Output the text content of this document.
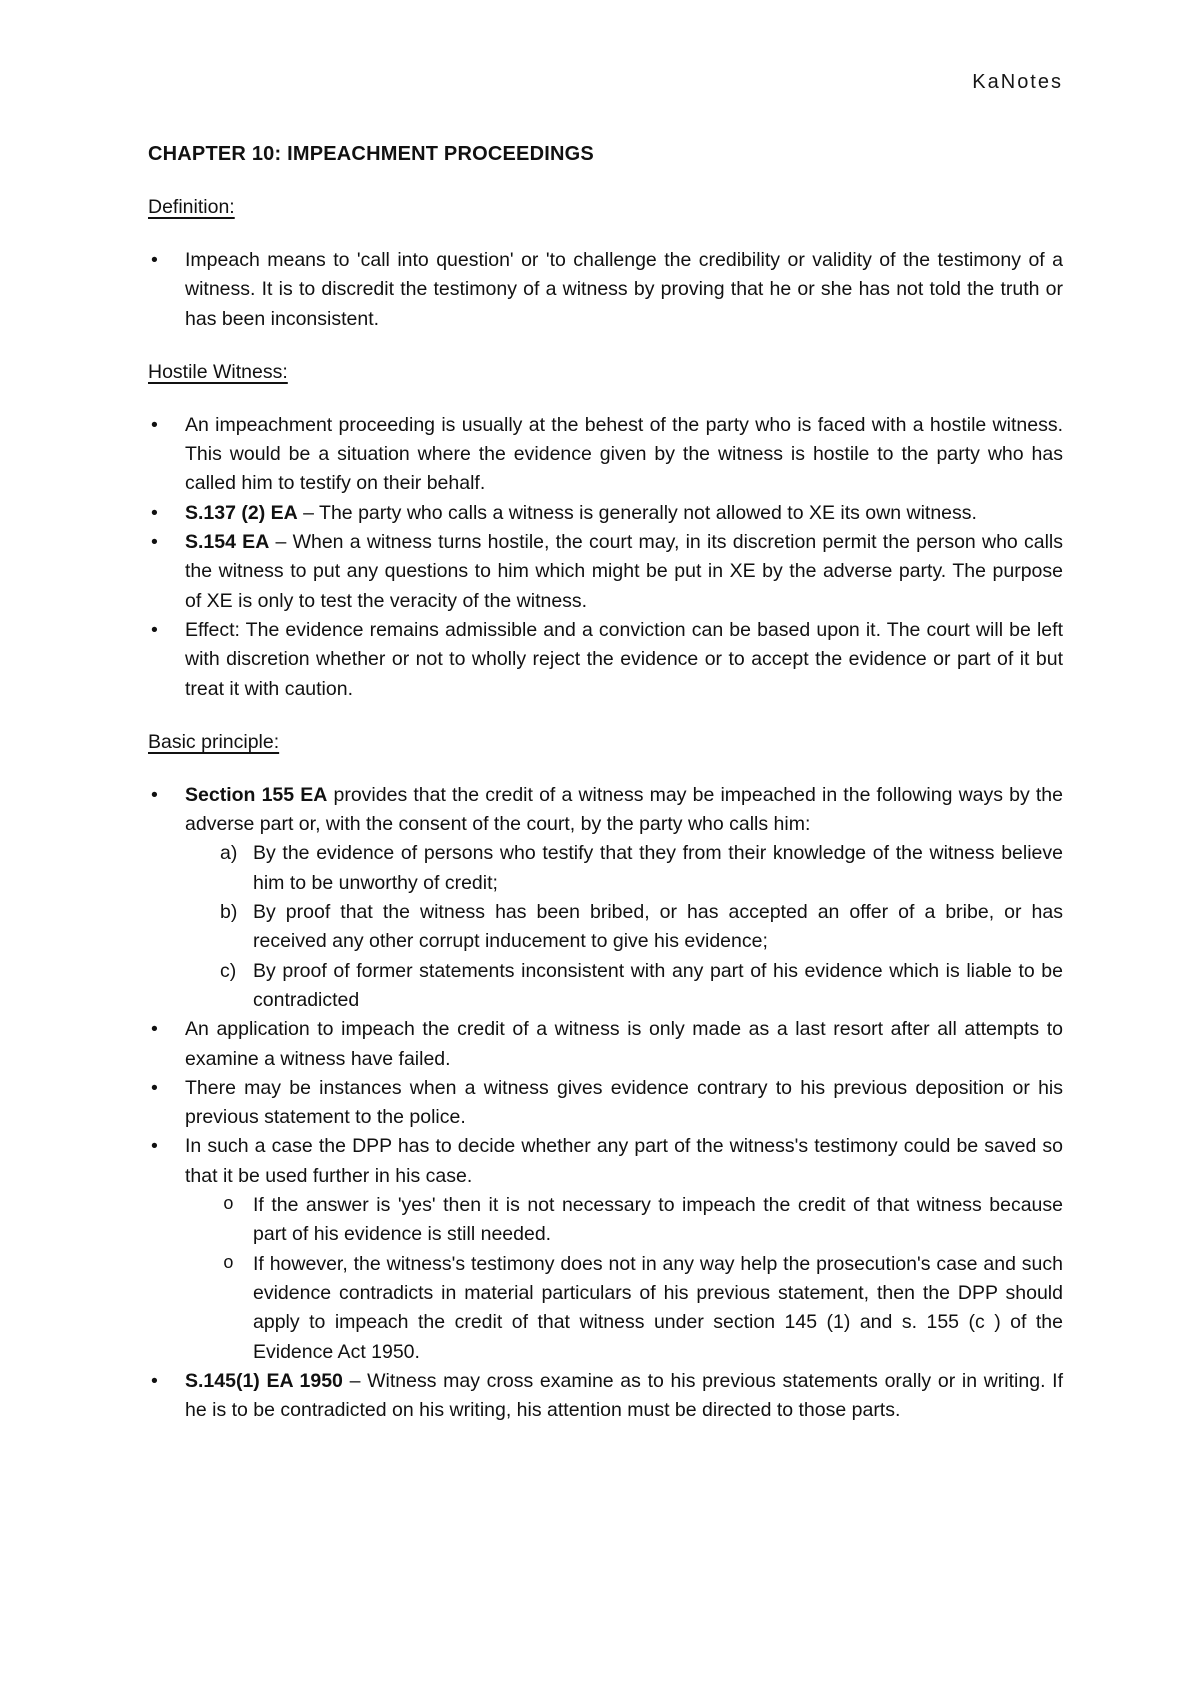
KaNotes
CHAPTER 10: IMPEACHMENT PROCEEDINGS
Definition:
• Impeach means to 'call into question' or 'to challenge the credibility or validity of the testimony of a witness. It is to discredit the testimony of a witness by proving that he or she has not told the truth or has been inconsistent.
Hostile Witness:
• An impeachment proceeding is usually at the behest of the party who is faced with a hostile witness. This would be a situation where the evidence given by the witness is hostile to the party who has called him to testify on their behalf.
• S.137 (2) EA – The party who calls a witness is generally not allowed to XE its own witness.
• S.154 EA – When a witness turns hostile, the court may, in its discretion permit the person who calls the witness to put any questions to him which might be put in XE by the adverse party. The purpose of XE is only to test the veracity of the witness.
• Effect: The evidence remains admissible and a conviction can be based upon it. The court will be left with discretion whether or not to wholly reject the evidence or to accept the evidence or part of it but treat it with caution.
Basic principle:
• Section 155 EA provides that the credit of a witness may be impeached in the following ways by the adverse part or, with the consent of the court, by the party who calls him:
a) By the evidence of persons who testify that they from their knowledge of the witness believe him to be unworthy of credit;
b) By proof that the witness has been bribed, or has accepted an offer of a bribe, or has received any other corrupt inducement to give his evidence;
c) By proof of former statements inconsistent with any part of his evidence which is liable to be contradicted
• An application to impeach the credit of a witness is only made as a last resort after all attempts to examine a witness have failed.
• There may be instances when a witness gives evidence contrary to his previous deposition or his previous statement to the police.
• In such a case the DPP has to decide whether any part of the witness's testimony could be saved so that it be used further in his case.
o If the answer is 'yes' then it is not necessary to impeach the credit of that witness because part of his evidence is still needed.
o If however, the witness's testimony does not in any way help the prosecution's case and such evidence contradicts in material particulars of his previous statement, then the DPP should apply to impeach the credit of that witness under section 145 (1) and s. 155 (c ) of the Evidence Act 1950.
• S.145(1) EA 1950 – Witness may cross examine as to his previous statements orally or in writing. If he is to be contradicted on his writing, his attention must be directed to those parts.
